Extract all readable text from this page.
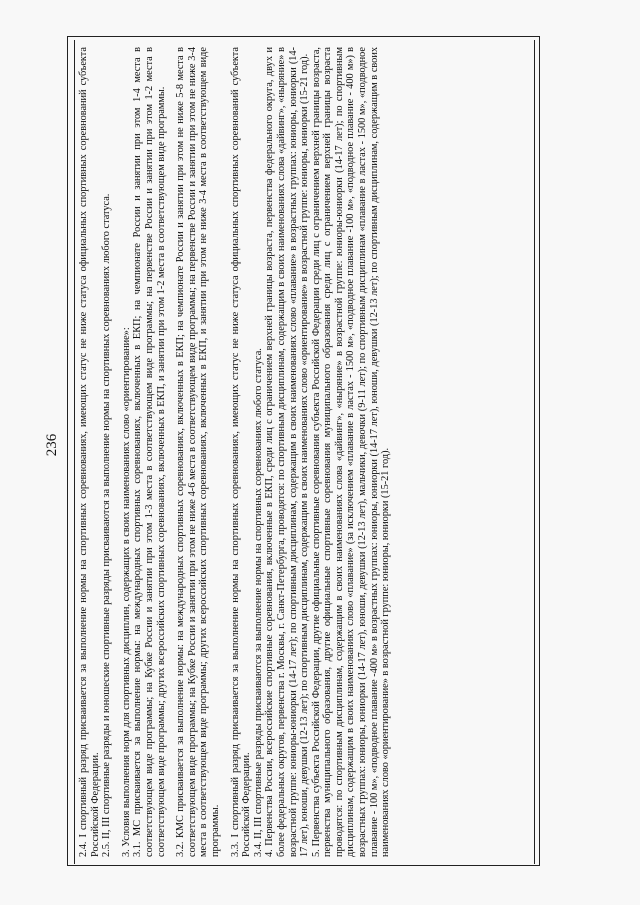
236	2.4. I спортивный разряд присваивается за выполнение нормы на спортивных соревнованиях, имеющих статус не ниже статуса официальных спортивных соревнований субъекта Российской Федерации. 2.5. II, III спортивные разряды и юношеские спортивные разряды присваиваются за выполнение нормы на спортивных соревнованиях любого статуса. 3. Условия выполнения норм для спортивных дисциплин, содержащих в своих наименованиях слово «ориентирование»: 3.1. МС присваивается за выполнение нормы: на международных спортивных соревнованиях, включенных в ЕКП; на чемпионате России и занятии при этом 1-4 места в соответствующем виде программы; на Кубке России и занятии при этом 1-3 места в соответствующем виде программы; на первенстве России и занятии при этом 1-2 места в соответствующем виде программы; других всероссийских спортивных соревнованиях, включенных в ЕКП, и занятии при этом 1-2 места в соответствующем виде программы. 3.2. КМС присваивается за выполнение нормы: на международных спортивных соревнованиях, включенных в ЕКП; на чемпионате России и занятии при этом не ниже 5-8 места в соответствующем виде программы; на Кубке России и занятии при этом не ниже 4-6 места в соответствующем виде программы; на первенстве России и занятии при этом не ниже 3-4 места в соответствующем виде программы; других всероссийских спортивных соревнованиях, включенных в ЕКП, и занятии при этом не ниже 3-4 места в соответствующем виде программы. 3.3. I спортивный разряд присваивается за выполнение нормы на спортивных соревнованиях, имеющих статус не ниже статуса официальных спортивных соревнований субъекта Российской Федерации. 3.4. II, III спортивные разряды присваиваются за выполнение нормы на спортивных соревнованиях любого статуса. 4. Первенства России, всероссийские спортивные соревнования, включенные в ЕКП, среди лиц с ограничением верхней границы возраста, первенства федерального округа, двух и более федеральных округов, первенства г. Москвы, г. Санкт-Петербурга, проводятся: по спортивным дисциплинам, содержащим в своих наименованиях слова «дайвинг», «ныряние» в возрастной группе: юниоры-юниорки (14-17 лет); по спортивным дисциплинам, содержащим в своих наименованиях слово «плавание» в возрастных группах: юниоры, юниорки (14-17 лет), юноши, девушки (12-13 лет); по спортивным дисциплинам, содержащим в своих наименованиях слово «ориентирование» в возрастной группе: юниоры, юниорки (15-21 год). 5. Первенства субъекта Российской Федерации, другие официальные спортивные соревнования субъекта Российской Федерации среди лиц с ограничением верхней границы возраста, первенства муниципального образования, другие официальные спортивные соревнования муниципального образования среди лиц с ограничением верхней границы возраста проводятся: по спортивным дисциплинам, содержащим в своих наименованиях слова «дайвинг», «ныряние» в возрастной группе: юниоры-юниорки (14-17 лет); по спортивным дисциплинам, содержащим в своих наименованиях слово «плавание» (за исключением «плавание в ластах - 1500 м», «подводное плавание -100 м», «подводное плавание - 400 м») в возрастных группах: юниоры, юниорки (14-17 лет), юноши, девушки (12-13 лет), мальчики, девочки (9-11 лет); по спортивным дисциплинам «плавание в ластах - 1500 м», «подводное плавание - 100 м», «подводное плавание -400 м» в возрастных группах: юниоры, юниорки (14-17 лет), юноши, девушки (12-13 лет); по спортивным дисциплинам, содержащим в своих наименованиях слово «ориентирование» в возрастной группе: юниоры, юниорки (15-21 год).
